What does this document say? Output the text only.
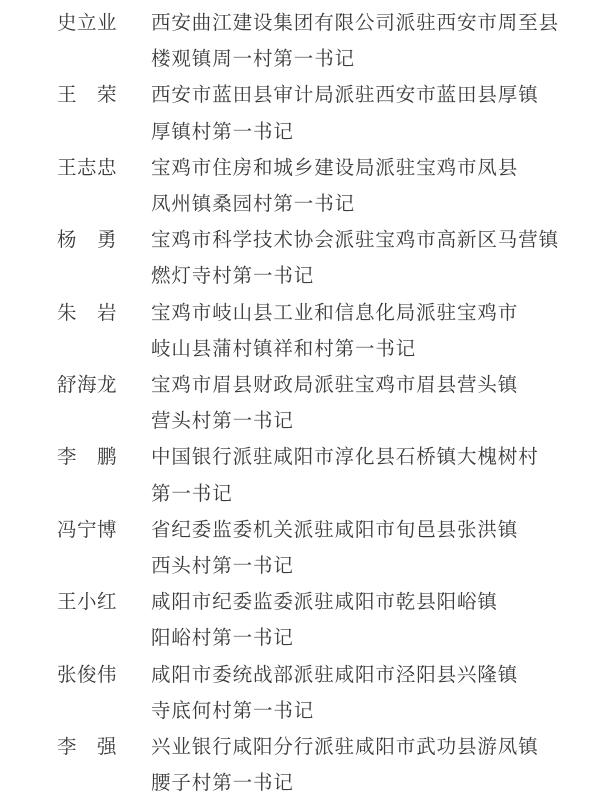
史立业 西安曲江建设集团有限公司派驻西安市周至县
楼观镇周一村第一书记
王　荣 西安市蓝田县审计局派驻西安市蓝田县厚镇
厚镇村第一书记
王志忠 宝鸡市住房和城乡建设局派驻宝鸡市凤县
凤州镇桑园村第一书记
杨　勇 宝鸡市科学技术协会派驻宝鸡市高新区马营镇
燃灯寺村第一书记
朱　岩 宝鸡市岐山县工业和信息化局派驻宝鸡市
岐山县蒲村镇祥和村第一书记
舒海龙 宝鸡市眉县财政局派驻宝鸡市眉县营头镇
营头村第一书记
李　鹏 中国银行派驻咸阳市淳化县石桥镇大槐树村
第一书记
冯宁博 省纪委监委机关派驻咸阳市旬邑县张洪镇
西头村第一书记
王小红 咸阳市纪委监委派驻咸阳市乾县阳峪镇
阳峪村第一书记
张俊伟 咸阳市委统战部派驻咸阳市泾阳县兴隆镇
寺底何村第一书记
李　强 兴业银行咸阳分行派驻咸阳市武功县游凤镇
腰子村第一书记
